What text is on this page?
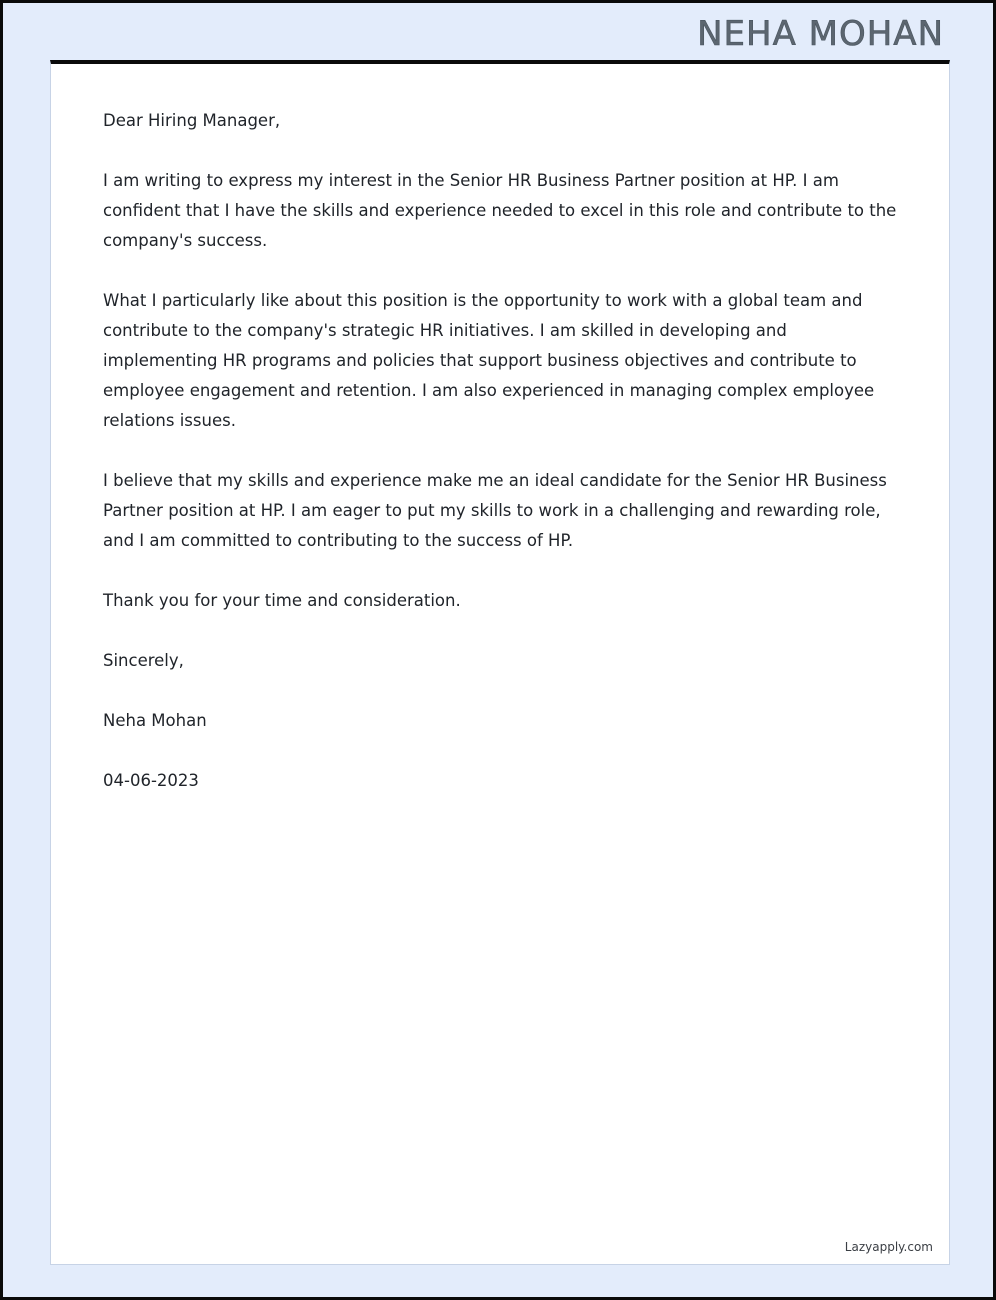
NEHA MOHAN

Dear Hiring Manager,

I am writing to express my interest in the Senior HR Business Partner position at HP. I am confident that I have the skills and experience needed to excel in this role and contribute to the company's success.

What I particularly like about this position is the opportunity to work with a global team and contribute to the company's strategic HR initiatives. I am skilled in developing and implementing HR programs and policies that support business objectives and contribute to employee engagement and retention. I am also experienced in managing complex employee relations issues.

I believe that my skills and experience make me an ideal candidate for the Senior HR Business Partner position at HP. I am eager to put my skills to work in a challenging and rewarding role, and I am committed to contributing to the success of HP.

Thank you for your time and consideration.

Sincerely,

Neha Mohan

04-06-2023

Lazyapply.com
